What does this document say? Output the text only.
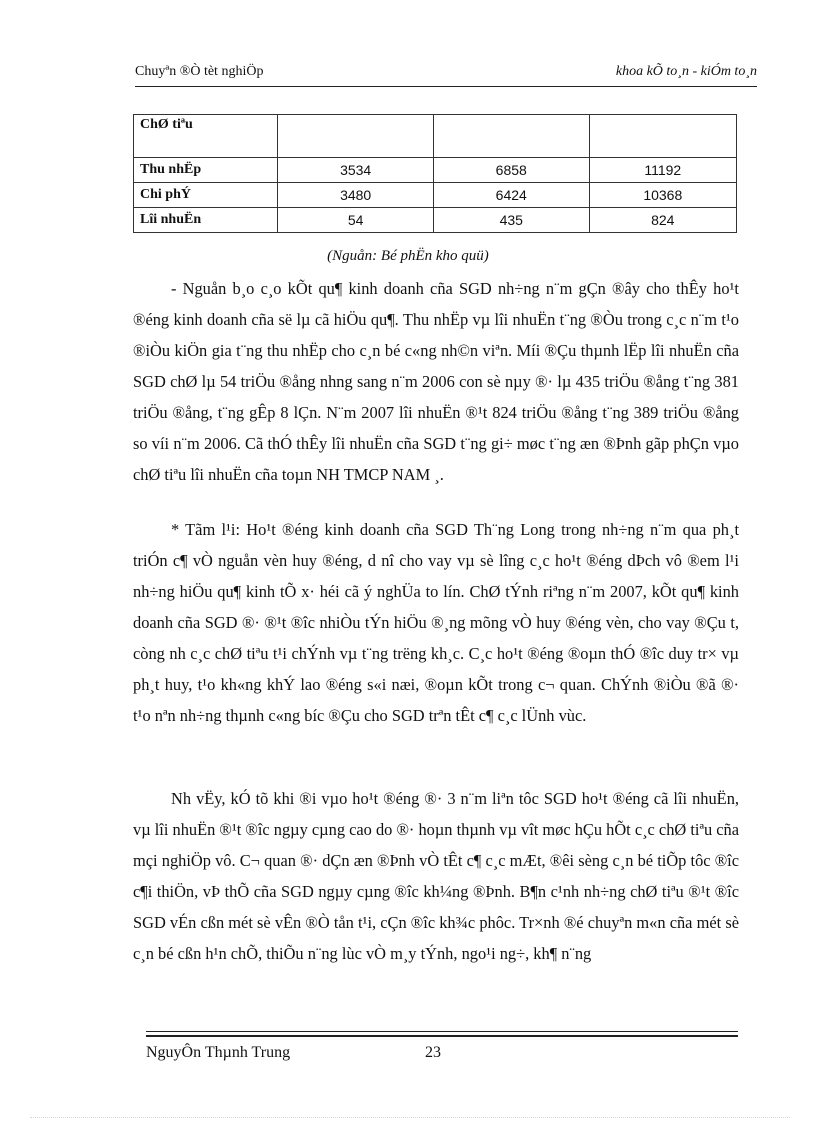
Chuyªn ®Ò tèt nghiÖp	khoa kÕ to¸n - kiÓm to¸n
ChØ tiªu			
Thu nhËp	3534	6858	11192
Chi phÝ	3480	6424	10368
Lîi nhuËn	54	435	824
(Nguån: Bé phËn kho quü)

- Nguån b¸o c¸o kÕt qu¶ kinh doanh cña SGD nh÷ng n¨m gÇn ®ây cho thÊy ho¹t ®éng kinh doanh cña së lµ cã hiÖu qu¶. Thu nhËp vµ lîi nhuËn t¨ng ®Òu trong c¸c n¨m t¹o ®iÒu kiÖn gia t¨ng thu nhËp cho c¸n bé c«ng nh©n viªn. Míi ®Çu thµnh lËp lîi nhuËn cña SGD chØ lµ 54 triÖu ®ång nhng sang n¨m 2006 con sè nµy ®· lµ 435 triÖu ®ång t¨ng 381 triÖu ®ång, t¨ng gÊp 8 lÇn. N¨m 2007 lîi nhuËn ®¹t 824 triÖu ®ång t¨ng 389 triÖu ®ång so víi n¨m 2006. Cã thÓ thÊy lîi nhuËn cña SGD t¨ng gi÷ møc t¨ng æn ®Þnh gãp phÇn vµo chØ tiªu lîi nhuËn cña toµn NH TMCP NAM ¸.

* Tãm l¹i: Ho¹t ®éng kinh doanh cña SGD Th¨ng Long trong nh÷ng n¨m qua ph¸t triÓn c¶ vÒ nguån vèn huy ®éng, d nî cho vay vµ sè lîng c¸c ho¹t ®éng dÞch vô ®em l¹i nh÷ng hiÖu qu¶ kinh tÕ x· héi cã ý nghÜa to lín. ChØ tÝnh riªng n¨m 2007, kÕt qu¶ kinh doanh cña SGD ®· ®¹t ®îc nhiÒu tÝn hiÖu ®¸ng mõng vÒ huy ®éng vèn, cho vay ®Çu t, còng nh c¸c chØ tiªu t¹i chÝnh vµ t¨ng trëng kh¸c. C¸c ho¹t ®éng ®oµn thÓ ®îc duy tr× vµ ph¸t huy, t¹o kh«ng khÝ lao ®éng s«i næi, ®oµn kÕt trong c¬ quan. ChÝnh ®iÒu ®ã ®· t¹o nªn nh÷ng thµnh c«ng bíc ®Çu cho SGD trªn tÊt c¶ c¸c lÜnh vùc.

Nh vËy, kÓ tõ khi ®i vµo ho¹t ®éng ®· 3 n¨m liªn tôc SGD ho¹t ®éng cã lîi nhuËn, vµ lîi nhuËn ®¹t ®îc ngµy cµng cao do ®· hoµn thµnh vµ vît møc hÇu hÕt c¸c chØ tiªu cña mçi nghiÖp vô. C¬ quan ®· dÇn æn ®Þnh vÒ tÊt c¶ c¸c mÆt, ®êi sèng c¸n bé tiÕp tôc ®îc c¶i thiÖn, vÞ thÕ cña SGD ngµy cµng ®îc kh¼ng ®Þnh. B¶n c¹nh nh÷ng chØ tiªu ®¹t ®îc SGD vÉn cßn mét sè vÊn ®Ò tån t¹i, cÇn ®îc kh¾c phôc. Tr×nh ®é chuyªn m«n cña mét sè c¸n bé cßn h¹n chÕ, thiÕu n¨ng lùc vÒ m¸y tÝnh, ngo¹i ng÷, kh¶ n¨ng

NguyÔn Thµnh Trung	23
